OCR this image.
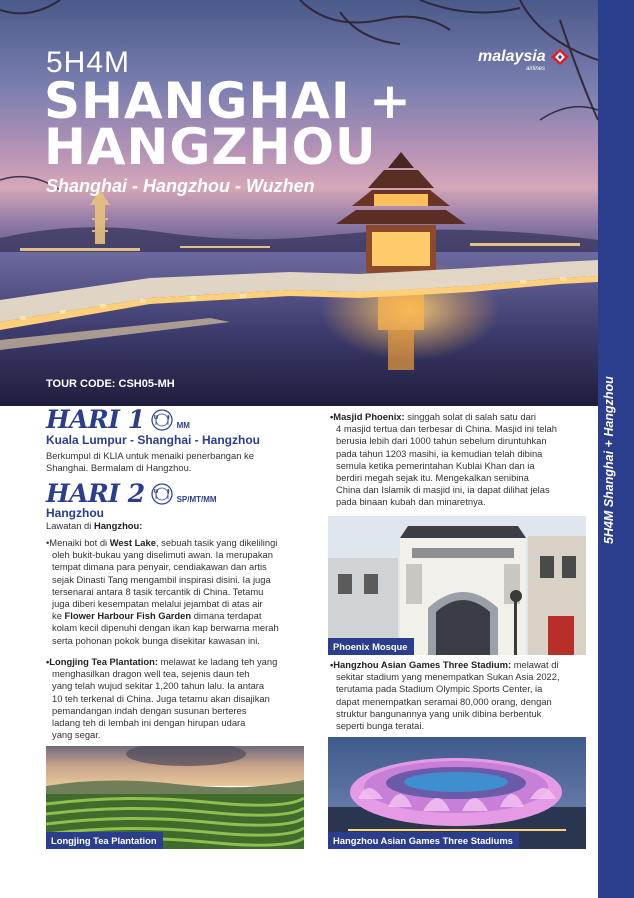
5H4M
SHANGHAI +
HANGZHOU
Shanghai - Hangzhou - Wuzhen
TOUR CODE: CSH05-MH
malaysia
airlines
5H4M Shanghai + Hangzhou
HARI 1	MM
Kuala Lumpur - Shanghai - Hangzhou
Berkumpul di KLIA untuk menaiki penerbangan ke
Shanghai. Bermalam di Hangzhou.
HARI 2	SP/MT/MM
Hangzhou
Lawatan di Hangzhou:
•Menaiki bot di West Lake, sebuah tasik yang dikelilingi
oleh bukit-bukau yang diselimuti awan. Ia merupakan
tempat dimana para penyair, cendiakawan dan artis
sejak Dinasti Tang mengambil inspirasi disini. Ia juga
tersenarai antara 8 tasik tercantik di China. Tetamu
juga diberi kesempatan melalui jejambat di atas air
ke Flower Harbour Fish Garden dimana terdapat
kolam kecil dipenuhi dengan ikan kap berwarna merah
serta pohonan pokok bunga disekitar kawasan ini.
•Longjing Tea Plantation: melawat ke ladang teh yang
menghasilkan dragon well tea, sejenis daun teh
yang telah wujud sekitar 1,200 tahun lalu. Ia antara
10 teh terkenal di China. Juga tetamu akan disajikan
pemandangan indah dengan susunan berteres
ladang teh di lembah ini dengan hirupan udara
yang segar.
•Masjid Phoenix: singgah solat di salah satu dari
4 masjid tertua dan terbesar di China. Masjid ini telah
berusia lebih dari 1000 tahun sebelum diruntuhkan
pada tahun 1203 masihi, ia kemudian telah dibina
semula ketika pemerintahan Kublai Khan dan ia
berdiri megah sejak itu. Mengekalkan senibina
China dan Islamik di masjid ini, ia dapat dilihat jelas
pada binaan kubah dan minaretnya.
Phoenix Mosque
•Hangzhou Asian Games Three Stadium: melawat di
sekitar stadium yang menempatkan Sukan Asia 2022,
terutama pada Stadium Olympic Sports Center, ia
dapat menempatkan seramai 80,000 orang, dengan
struktur bangunannya yang unik dibina berbentuk
seperti bunga teratai.
Longjing Tea Plantation	Hangzhou Asian Games Three Stadiums
